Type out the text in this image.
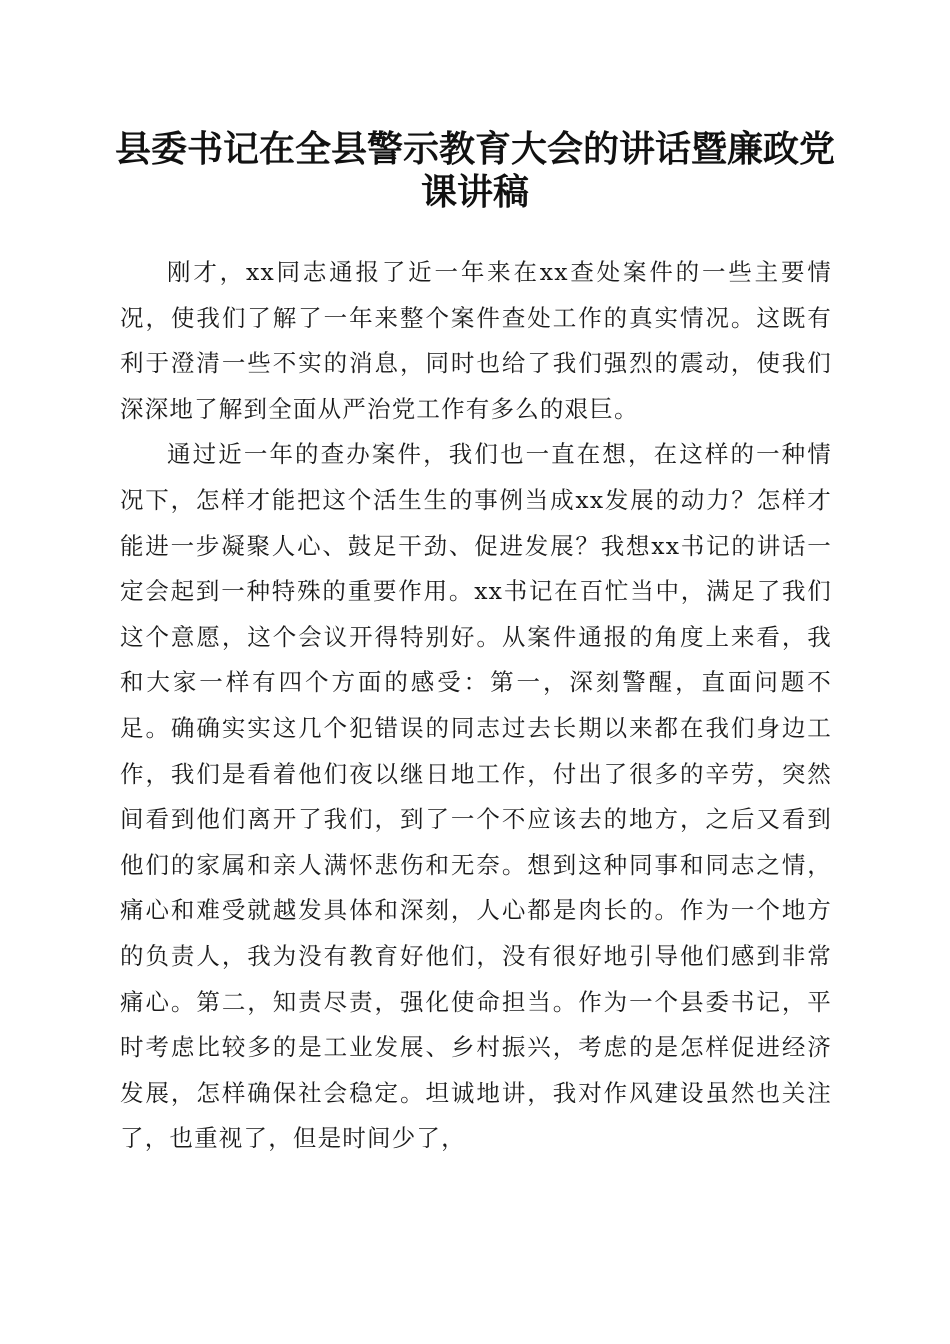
县委书记在全县警示教育大会的讲话暨廉政党课讲稿

刚才，xx同志通报了近一年来在xx查处案件的一些主要情况，使我们了解了一年来整个案件查处工作的真实情况。这既有利于澄清一些不实的消息，同时也给了我们强烈的震动，使我们深深地了解到全面从严治党工作有多么的艰巨。

通过近一年的查办案件，我们也一直在想，在这样的一种情况下，怎样才能把这个活生生的事例当成xx发展的动力？怎样才能进一步凝聚人心、鼓足干劲、促进发展？我想xx书记的讲话一定会起到一种特殊的重要作用。xx书记在百忙当中，满足了我们这个意愿，这个会议开得特别好。从案件通报的角度上来看，我和大家一样有四个方面的感受：第一，深刻警醒，直面问题不足。确确实实这几个犯错误的同志过去长期以来都在我们身边工作，我们是看着他们夜以继日地工作，付出了很多的辛劳，突然间看到他们离开了我们，到了一个不应该去的地方，之后又看到他们的家属和亲人满怀悲伤和无奈。想到这种同事和同志之情，痛心和难受就越发具体和深刻，人心都是肉长的。作为一个地方的负责人，我为没有教育好他们，没有很好地引导他们感到非常痛心。第二，知责尽责，强化使命担当。作为一个县委书记，平时考虑比较多的是工业发展、乡村振兴，考虑的是怎样促进经济发展，怎样确保社会稳定。坦诚地讲，我对作风建设虽然也关注了，也重视了，但是时间少了，
